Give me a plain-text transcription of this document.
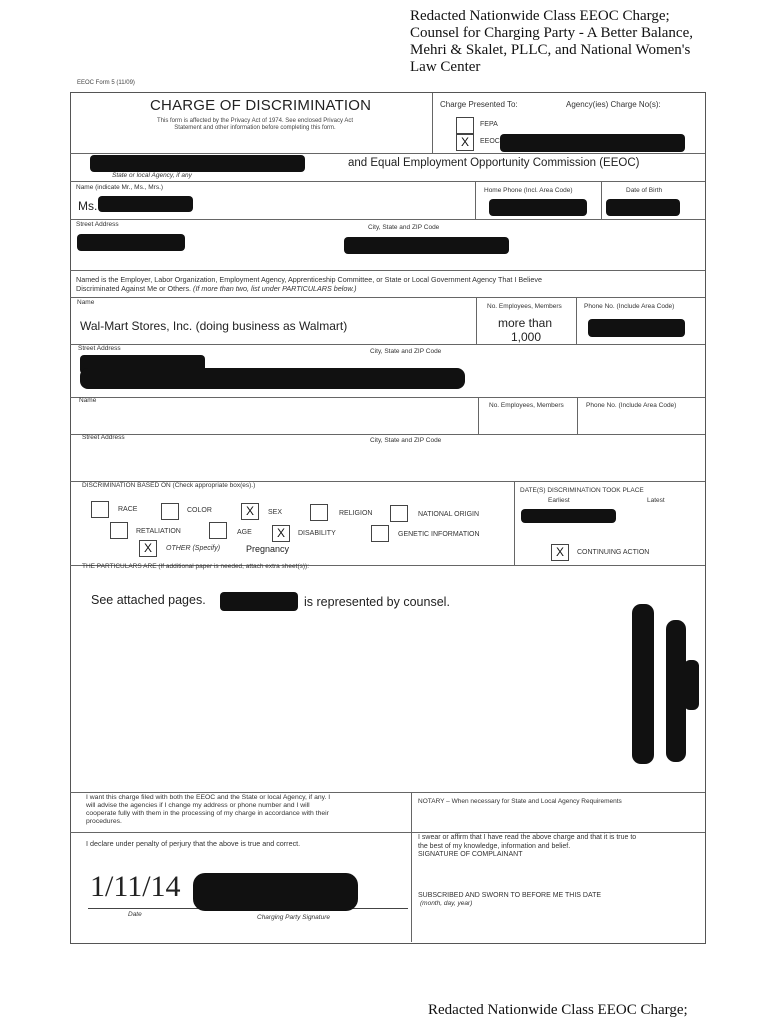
Redacted Nationwide Class EEOC Charge;
Counsel for Charging Party - A Better Balance,
Mehri & Skalet, PLLC, and National Women's
Law Center
EEOC Form 5 (11/09)
CHARGE OF DISCRIMINATION
This form is affected by the Privacy Act of 1974. See enclosed Privacy Act
Statement and other information before completing this form.
Charge Presented To:	Agency(ies) Charge No(s):
FEPA
X	EEOC
and Equal Employment Opportunity Commission (EEOC)
State or local Agency, if any
Name (indicate Mr., Ms., Mrs.)
Ms.
Home Phone (Incl. Area Code)	Date of Birth
Street Address	City, State and ZIP Code
Named is the Employer, Labor Organization, Employment Agency, Apprenticeship Committee, or State or Local Government Agency That I Believe
Discriminated Against Me or Others. (If more than two, list under PARTICULARS below.)
Name
Wal-Mart Stores, Inc. (doing business as Walmart)
No. Employees, Members
more than
1,000
Phone No. (Include Area Code)
Street Address	City, State and ZIP Code
Name
No. Employees, Members	Phone No. (Include Area Code)
Street Address	City, State and ZIP Code
DISCRIMINATION BASED ON (Check appropriate box(es).)
DATE(S) DISCRIMINATION TOOK PLACE
Earliest	Latest
RACE	COLOR	X	SEX	RELIGION	NATIONAL ORIGIN
RETALIATION	AGE	X	DISABILITY	GENETIC INFORMATION
X	OTHER (Specify)	Pregnancy	X	CONTINUING ACTION
THE PARTICULARS ARE (If additional paper is needed, attach extra sheet(s)):
See attached pages.	is represented by counsel.
I want this charge filed with both the EEOC and the State or local Agency, if any. I
will advise the agencies if I change my address or phone number and I will
cooperate fully with them in the processing of my charge in accordance with their
procedures.
NOTARY – When necessary for State and Local Agency Requirements
I declare under penalty of perjury that the above is true and correct.
I swear or affirm that I have read the above charge and that it is true to
the best of my knowledge, information and belief.
SIGNATURE OF COMPLAINANT
SUBSCRIBED AND SWORN TO BEFORE ME THIS DATE
(month, day, year)
1/11/14
Date	Charging Party Signature
Redacted Nationwide Class EEOC Charge;
